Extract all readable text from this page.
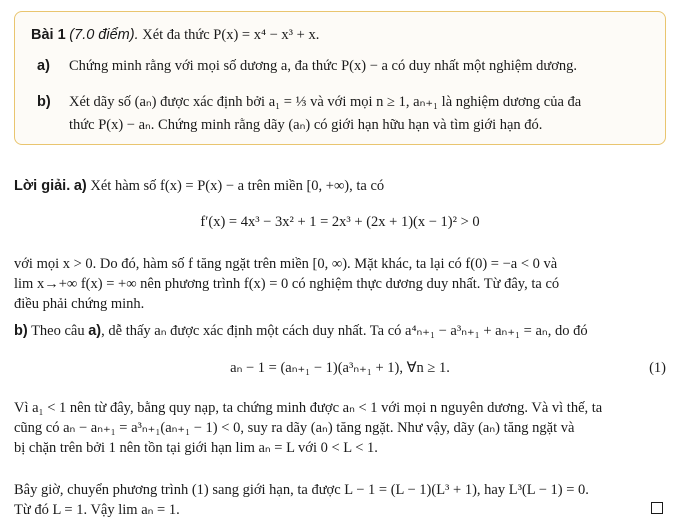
Bài 1 (7.0 điểm). Xét đa thức P(x) = x⁴ − x³ + x.
a) Chứng minh rằng với mọi số dương a, đa thức P(x) − a có duy nhất một nghiệm dương.
b) Xét dãy số (aₙ) được xác định bởi a₁ = ⅓ và với mọi n ≥ 1, aₙ₊₁ là nghiệm dương của đa
thức P(x) − aₙ. Chứng minh rằng dãy (aₙ) có giới hạn hữu hạn và tìm giới hạn đó.
Lời giải. a) Xét hàm số f(x) = P(x) − a trên miền [0, +∞), ta có
f′(x) = 4x³ − 3x² + 1 = 2x³ + (2x + 1)(x − 1)² > 0
với mọi x > 0. Do đó, hàm số f tăng ngặt trên miền [0, ∞). Mặt khác, ta lại có f(0) = −a < 0 và
lim x→+∞ f(x) = +∞ nên phương trình f(x) = 0 có nghiệm thực dương duy nhất. Từ đây, ta có
điều phải chứng minh.
b) Theo câu a), dễ thấy aₙ được xác định một cách duy nhất. Ta có a⁴ₙ₊₁ − a³ₙ₊₁ + aₙ₊₁ = aₙ, do đó
aₙ − 1 = (aₙ₊₁ − 1)(a³ₙ₊₁ + 1), ∀n ≥ 1.	(1)
Vì a₁ < 1 nên từ đây, bằng quy nạp, ta chứng minh được aₙ < 1 với mọi n nguyên dương. Và vì thế, ta
cũng có aₙ − aₙ₊₁ = a³ₙ₊₁(aₙ₊₁ − 1) < 0, suy ra dãy (aₙ) tăng ngặt. Như vậy, dãy (aₙ) tăng ngặt và
bị chặn trên bởi 1 nên tồn tại giới hạn lim aₙ = L với 0 < L < 1.
Bây giờ, chuyển phương trình (1) sang giới hạn, ta được L − 1 = (L − 1)(L³ + 1), hay L³(L − 1) = 0.
Từ đó L = 1. Vậy lim aₙ = 1.
